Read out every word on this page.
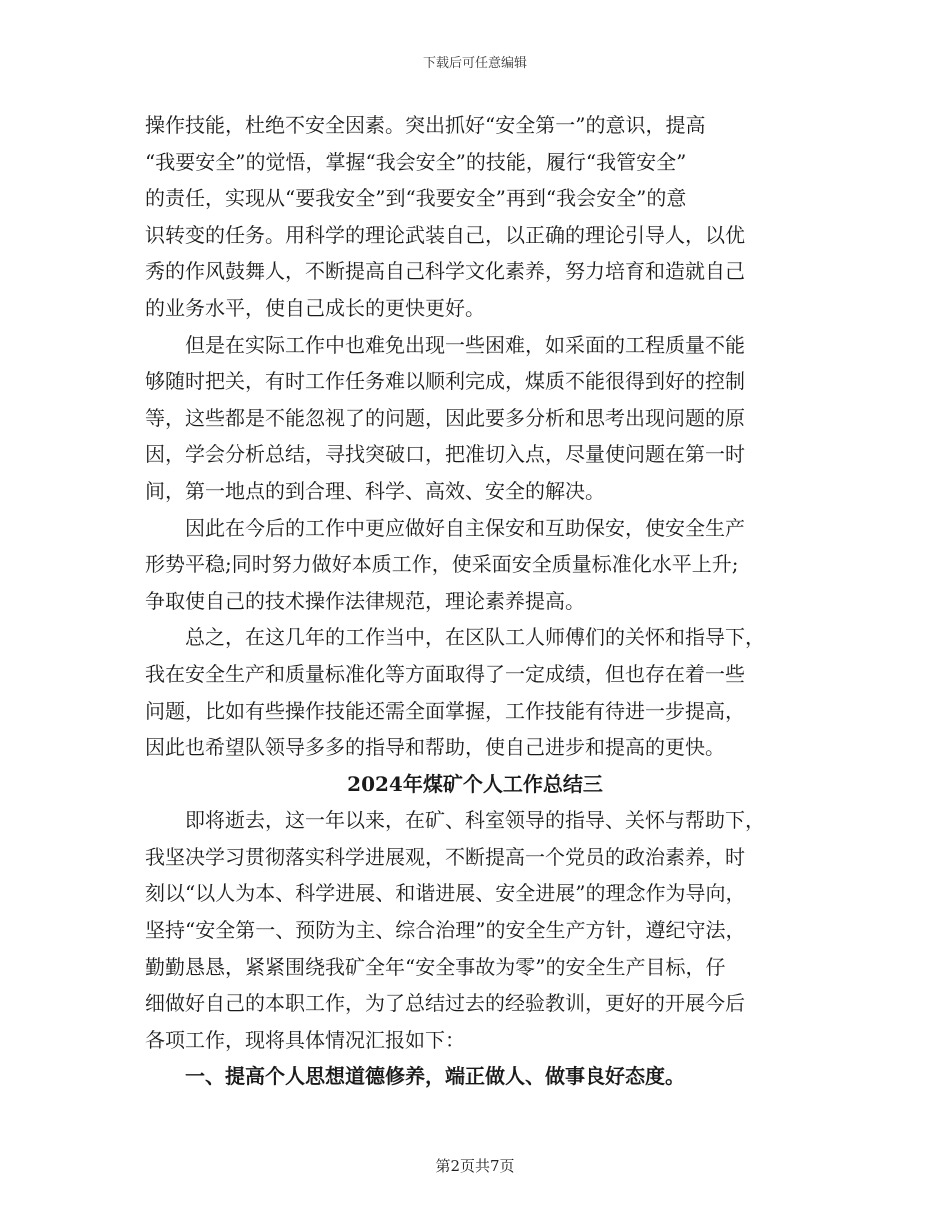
下载后可任意编辑
操作技能，杜绝不安全因素。突出抓好“安全第一”的意识，提高
“我要安全”的觉悟，掌握“我会安全”的技能，履行“我管安全”
的责任，实现从“要我安全”到“我要安全”再到“我会安全”的意
识转变的任务。用科学的理论武装自己，以正确的理论引导人，以优
秀的作风鼓舞人，不断提高自己科学文化素养，努力培育和造就自己
的业务水平，使自己成长的更快更好。
但是在实际工作中也难免出现一些困难，如采面的工程质量不能
够随时把关，有时工作任务难以顺利完成，煤质不能很得到好的控制
等，这些都是不能忽视了的问题，因此要多分析和思考出现问题的原
因，学会分析总结，寻找突破口，把准切入点，尽量使问题在第一时
间，第一地点的到合理、科学、高效、安全的解决。
因此在今后的工作中更应做好自主保安和互助保安，使安全生产
形势平稳;同时努力做好本质工作，使采面安全质量标准化水平上升;
争取使自己的技术操作法律规范，理论素养提高。
总之，在这几年的工作当中，在区队工人师傅们的关怀和指导下，
我在安全生产和质量标准化等方面取得了一定成绩，但也存在着一些
问题，比如有些操作技能还需全面掌握，工作技能有待进一步提高，
因此也希望队领导多多的指导和帮助，使自己进步和提高的更快。
2024年煤矿个人工作总结三
即将逝去，这一年以来，在矿、科室领导的指导、关怀与帮助下，
我坚决学习贯彻落实科学进展观，不断提高一个党员的政治素养，时
刻以“以人为本、科学进展、和谐进展、安全进展”的理念作为导向，
坚持“安全第一、预防为主、综合治理”的安全生产方针，遵纪守法，
勤勤恳恳，紧紧围绕我矿全年“安全事故为零”的安全生产目标，仔
细做好自己的本职工作，为了总结过去的经验教训，更好的开展今后
各项工作，现将具体情况汇报如下：
一、提高个人思想道德修养，端正做人、做事良好态度。
第2页共7页
